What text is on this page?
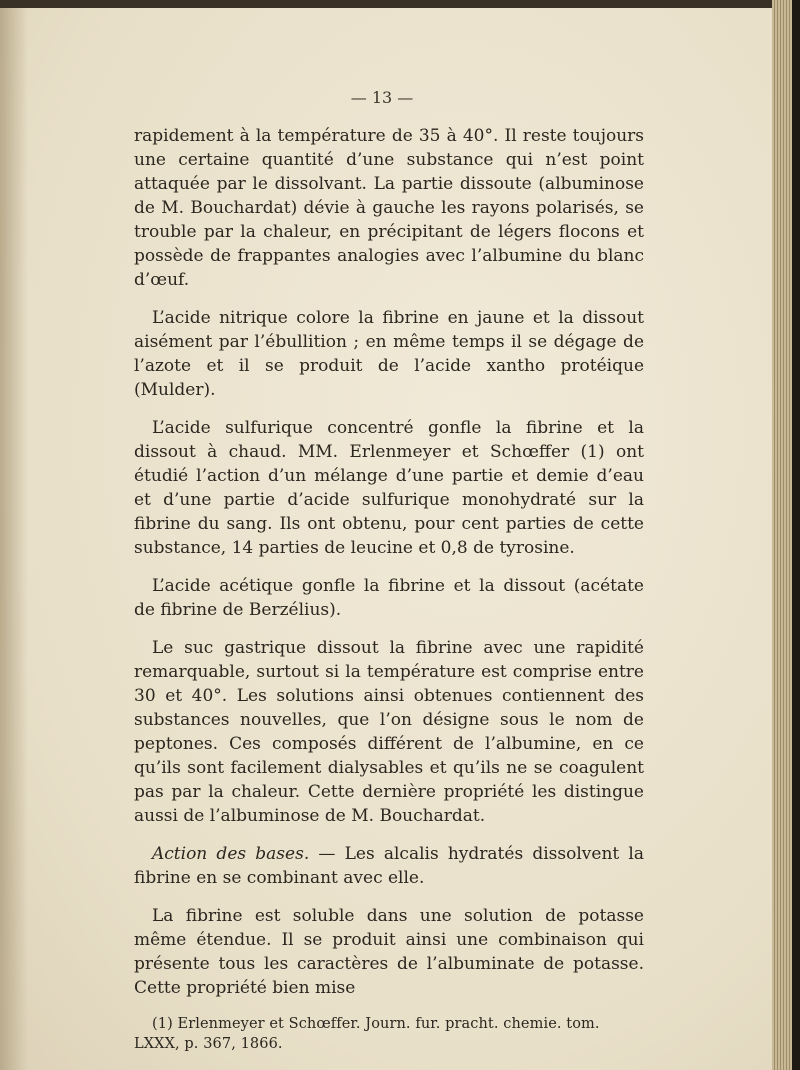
— 13 —

rapidement à la température de 35 à 40°. Il reste toujours une certaine quantité d’une substance qui n’est point attaquée par le dissolvant. La partie dissoute (albuminose de M. Bouchardat) dévie à gauche les rayons polarisés, se trouble par la chaleur, en précipitant de légers flocons et possède de frappantes analogies avec l’albumine du blanc d’œuf.

L’acide nitrique colore la fibrine en jaune et la dissout aisément par l’ébullition ; en même temps il se dégage de l’azote et il se produit de l’acide xantho protéique (Mulder).

L’acide sulfurique concentré gonfle la fibrine et la dissout à chaud. MM. Erlenmeyer et Schœffer (1) ont étudié l’action d’un mélange d’une partie et demie d’eau et d’une partie d’acide sulfurique monohydraté sur la fibrine du sang. Ils ont obtenu, pour cent parties de cette substance, 14 parties de leucine et 0,8 de tyrosine.

L’acide acétique gonfle la fibrine et la dissout (acétate de fibrine de Berzélius).

Le suc gastrique dissout la fibrine avec une rapidité remarquable, surtout si la température est comprise entre 30 et 40°. Les solutions ainsi obtenues contiennent des substances nouvelles, que l’on désigne sous le nom de peptones. Ces composés différent de l’albumine, en ce qu’ils sont facilement dialysables et qu’ils ne se coagulent pas par la chaleur. Cette dernière propriété les distingue aussi de l’albuminose de M. Bouchardat.

Action des bases. — Les alcalis hydratés dissolvent la fibrine en se combinant avec elle.

La fibrine est soluble dans une solution de potasse même étendue. Il se produit ainsi une combinaison qui présente tous les caractères de l’albuminate de potasse. Cette propriété bien mise

(1) Erlenmeyer et Schœffer. Journ. fur. pracht. chemie. tom. LXXX, p. 367, 1866.
